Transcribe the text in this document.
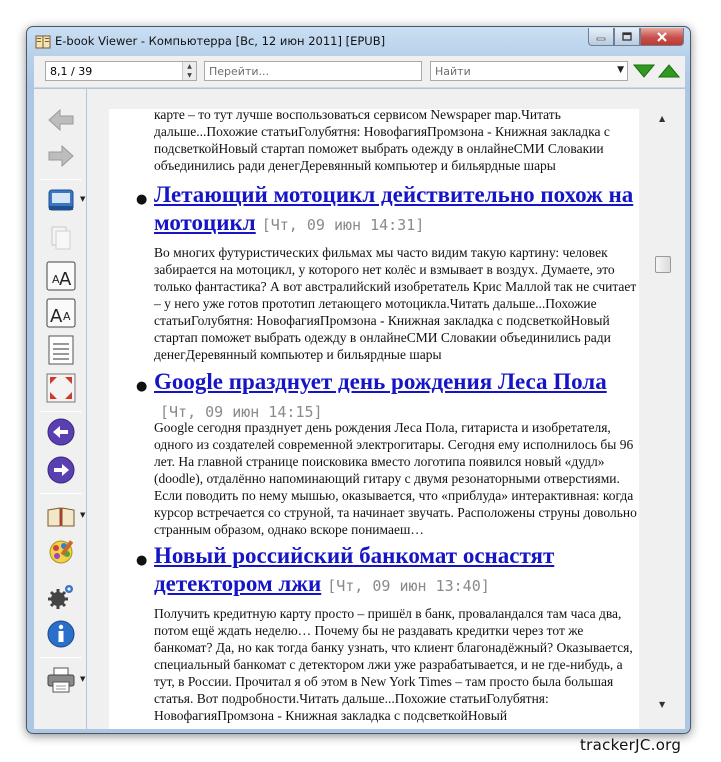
E-book Viewer - Компьютерра [Вс, 12 июн 2011] [EPUB]
8,1 / 39	▲
▼	Перейти...	Найти	▼
▼
A A
A A
▼
▼
карте – то тут лучше воспользоваться сервисом Newspaper map.Читать дальше...Похожие статьиГолубятня: НовофагияПромзона - Книжная закладка с подсветкойНовый стартап поможет выбрать одежду в онлайнеСМИ Словакии объединились ради денегДеревянный компьютер и бильярдные шары
● Летающий мотоцикл действительно похож на мотоцикл [Чт, 09 июн 14:31]
Во многих футуристических фильмах мы часто видим такую картину: человек забирается на мотоцикл, у которого нет колёс и взмывает в воздух. Думаете, это только фантастика? А вот австралийский изобретатель Крис Маллой так не считает – у него уже готов прототип летающего мотоцикла.Читать дальше...Похожие статьиГолубятня: НовофагияПромзона - Книжная закладка с подсветкойНовый стартап поможет выбрать одежду в онлайнеСМИ Словакии объединились ради денегДеревянный компьютер и бильярдные шары
● Google празднует день рождения Леса Пола[Чт, 09 июн 14:15]
Google сегодня празднует день рождения Леса Пола, гитариста и изобретателя, одного из создателей современной электрогитары. Сегодня ему исполнилось бы 96 лет. На главной странице поисковика вместо логотипа появился новый «дудл» (doodle), отдалённо напоминающий гитару с двумя резонаторными отверстиями. Если поводить по нему мышью, оказывается, что «приблуда» интерактивная: когда курсор встречается со струной, та начинает звучать. Расположены струны довольно странным образом, однако вскоре понимаеш…
● Новый российский банкомат оснастят детектором лжи [Чт, 09 июн 13:40]
Получить кредитную карту просто – пришёл в банк, проваландался там часа два, потом ещё ждать неделю… Почему бы не раздавать кредитки через тот же банкомат? Да, но как тогда банку узнать, что клиент благонадёжный? Оказывается, специальный банкомат с детектором лжи уже разрабатывается, и не где-нибудь, а тут, в России. Прочитал я об этом в New York Times – там просто была большая статья. Вот подробности.Читать дальше...Похожие статьиГолубятня: НовофагияПромзона - Книжная закладка с подсветкойНовый
▲
▼
trackerJC.org
